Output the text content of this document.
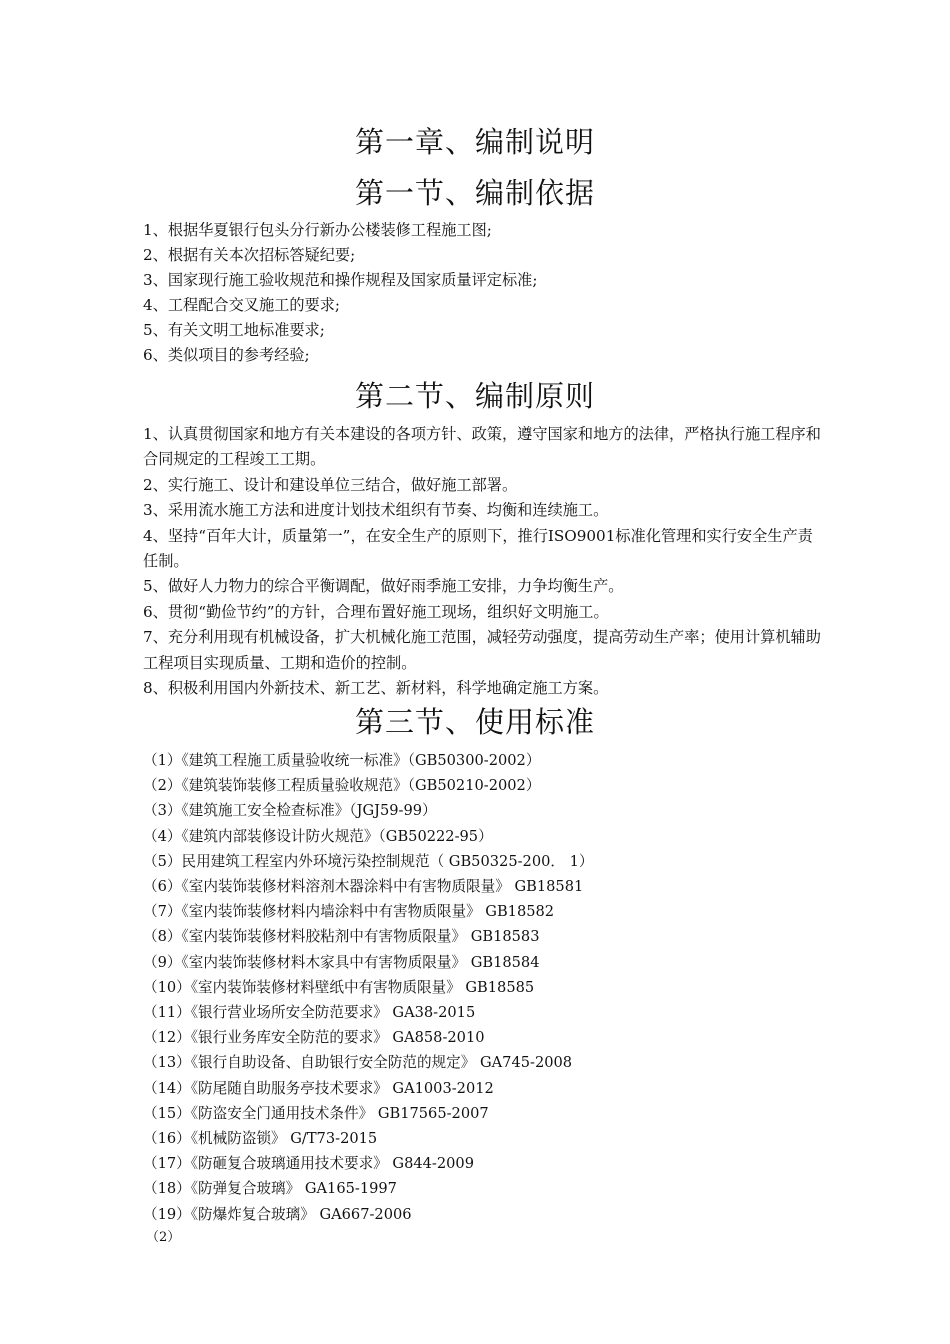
第一章、编制说明
第一节、编制依据

1、根据华夏银行包头分行新办公楼装修工程施工图;

2、根据有关本次招标答疑纪要;

3、国家现行施工验收规范和操作规程及国家质量评定标准;

4、工程配合交叉施工的要求;

5、有关文明工地标准要求;

6、类似项目的参考经验;

第二节、编制原则

1、认真贯彻国家和地方有关本建设的各项方针、政策，遵守国家和地方的法律，严格执行施工程序和合同规定的工程竣工工期。

2、实行施工、设计和建设单位三结合，做好施工部署。

3、采用流水施工方法和进度计划技术组织有节奏、均衡和连续施工。

4、坚持“百年大计，质量第一”，在安全生产的原则下，推行ISO9001标准化管理和实行安全生产责任制。

5、做好人力物力的综合平衡调配，做好雨季施工安排，力争均衡生产。

6、贯彻“勤俭节约”的方针，合理布置好施工现场，组织好文明施工。

7、充分利用现有机械设备，扩大机械化施工范围，减轻劳动强度，提高劳动生产率；使用计算机辅助工程项目实现质量、工期和造价的控制。

8、积极利用国内外新技术、新工艺、新材料，科学地确定施工方案。

第三节、使用标准

（1）《建筑工程施工质量验收统一标准》（GB50300-2002）

（2）《建筑装饰装修工程质量验收规范》（GB50210-2002）

（3）《建筑施工安全检查标准》（JGJ59-99）

（4）《建筑内部装修设计防火规范》（GB50222-95）

（5）民用建筑工程室内外环境污染控制规范（ GB50325-200． 1）

（6）《室内装饰装修材料溶剂木器涂料中有害物质限量》 GB18581

（7）《室内装饰装修材料内墙涂料中有害物质限量》 GB18582

（8）《室内装饰装修材料胶粘剂中有害物质限量》 GB18583

（9）《室内装饰装修材料木家具中有害物质限量》 GB18584

（10）《室内装饰装修材料壁纸中有害物质限量》 GB18585

（11）《银行营业场所安全防范要求》 GA38-2015

（12）《银行业务库安全防范的要求》 GA858-2010

（13）《银行自助设备、自助银行安全防范的规定》 GA745-2008

（14）《防尾随自助服务亭技术要求》 GA1003-2012

（15）《防盗安全门通用技术条件》 GB17565-2007

（16）《机械防盗锁》 G/T73-2015

（17）《防砸复合玻璃通用技术要求》 G844-2009

（18）《防弹复合玻璃》 GA165-1997

（19）《防爆炸复合玻璃》 GA667-2006

（2）
